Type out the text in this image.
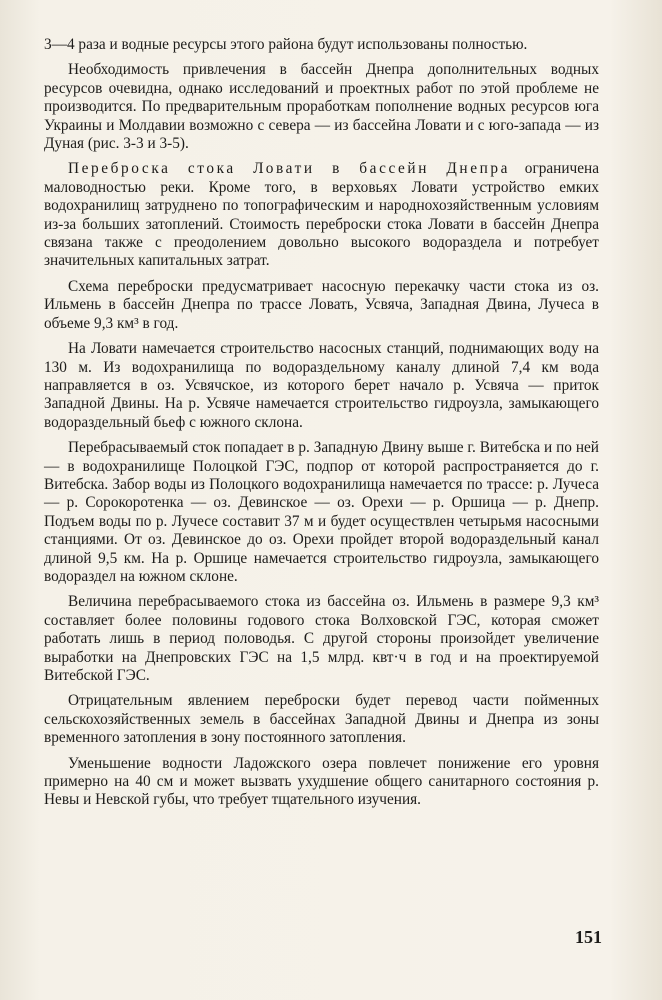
3—4 раза и водные ресурсы этого района будут использованы полностью.

Необходимость привлечения в бассейн Днепра дополнительных водных ресурсов очевидна, однако исследований и проектных работ по этой проблеме не производится. По предварительным проработкам пополнение водных ресурсов юга Украины и Молдавии возможно с севера — из бассейна Ловати и с юго-запада — из Дуная (рис. 3-3 и 3-5).

Переброска стока Ловати в бассейн Днепра ограничена маловодностью реки. Кроме того, в верховьях Ловати устройство емких водохранилищ затруднено по топографическим и народнохозяйственным условиям из-за больших затоплений. Стоимость переброски стока Ловати в бассейн Днепра связана также с преодолением довольно высокого водораздела и потребует значительных капитальных затрат.

Схема переброски предусматривает насосную перекачку части стока из оз. Ильмень в бассейн Днепра по трассе Ловать, Усвяча, Западная Двина, Лучеса в объеме 9,3 км³ в год.

На Ловати намечается строительство насосных станций, поднимающих воду на 130 м. Из водохранилища по водораздельному каналу длиной 7,4 км вода направляется в оз. Усвячское, из которого берет начало р. Усвяча — приток Западной Двины. На р. Усвяче намечается строительство гидроузла, замыкающего водораздельный бьеф с южного склона.

Перебрасываемый сток попадает в р. Западную Двину выше г. Витебска и по ней — в водохранилище Полоцкой ГЭС, подпор от которой распространяется до г. Витебска. Забор воды из Полоцкого водохранилища намечается по трассе: р. Лучеса — р. Сорокоротенка — оз. Девинское — оз. Орехи — р. Оршица — р. Днепр. Подъем воды по р. Лучесе составит 37 м и будет осуществлен четырьмя насосными станциями. От оз. Девинское до оз. Орехи пройдет второй водораздельный канал длиной 9,5 км. На р. Оршице намечается строительство гидроузла, замыкающего водораздел на южном склоне.

Величина перебрасываемого стока из бассейна оз. Ильмень в размере 9,3 км³ составляет более половины годового стока Волховской ГЭС, которая сможет работать лишь в период половодья. С другой стороны произойдет увеличение выработки на Днепровских ГЭС на 1,5 млрд. квт·ч в год и на проектируемой Витебской ГЭС.

Отрицательным явлением переброски будет перевод части пойменных сельскохозяйственных земель в бассейнах Западной Двины и Днепра из зоны временного затопления в зону постоянного затопления.

Уменьшение водности Ладожского озера повлечет понижение его уровня примерно на 40 см и может вызвать ухудшение общего санитарного состояния р. Невы и Невской губы, что требует тщательного изучения.

151
